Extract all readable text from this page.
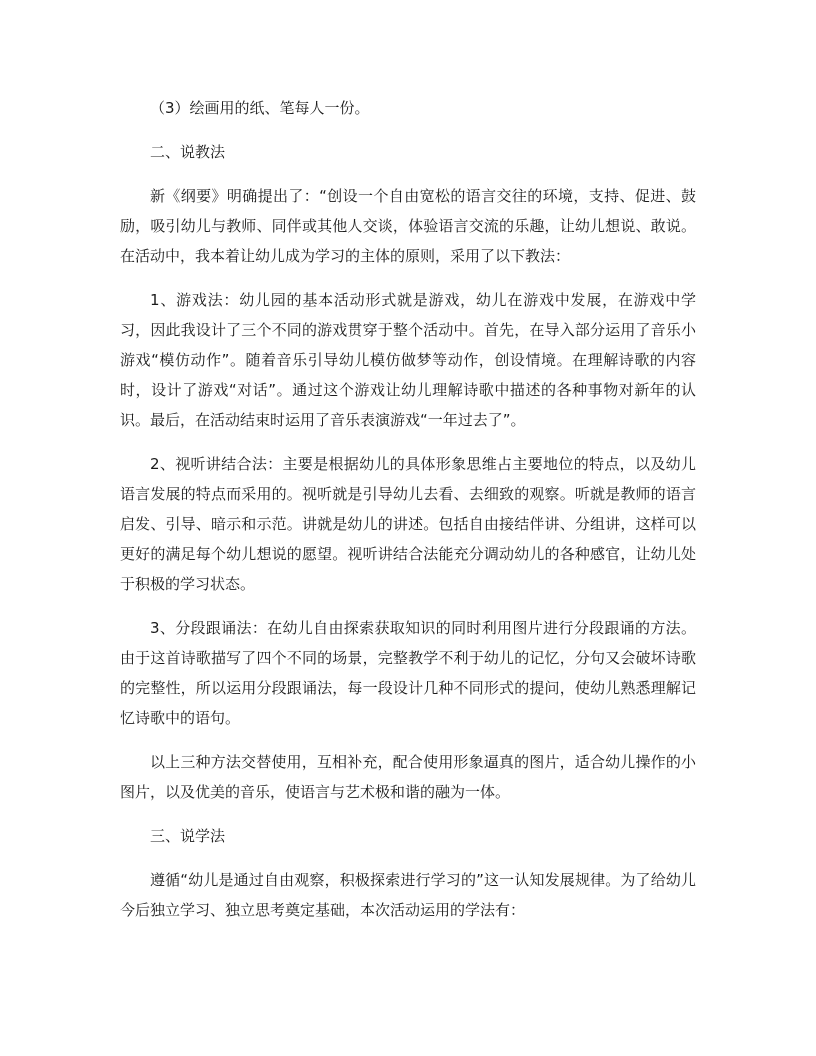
（3）绘画用的纸、笔每人一份。

二、说教法

新《纲要》明确提出了：“创设一个自由宽松的语言交往的环境，支持、促进、鼓励，吸引幼儿与教师、同伴或其他人交谈，体验语言交流的乐趣，让幼儿想说、敢说。在活动中，我本着让幼儿成为学习的主体的原则，采用了以下教法：

1、游戏法：幼儿园的基本活动形式就是游戏，幼儿在游戏中发展，在游戏中学习，因此我设计了三个不同的游戏贯穿于整个活动中。首先，在导入部分运用了音乐小游戏“模仿动作”。随着音乐引导幼儿模仿做梦等动作，创设情境。在理解诗歌的内容时，设计了游戏“对话”。通过这个游戏让幼儿理解诗歌中描述的各种事物对新年的认识。最后，在活动结束时运用了音乐表演游戏“一年过去了”。

2、视听讲结合法：主要是根据幼儿的具体形象思维占主要地位的特点，以及幼儿语言发展的特点而采用的。视听就是引导幼儿去看、去细致的观察。听就是教师的语言启发、引导、暗示和示范。讲就是幼儿的讲述。包括自由接结伴讲、分组讲，这样可以更好的满足每个幼儿想说的愿望。视听讲结合法能充分调动幼儿的各种感官，让幼儿处于积极的学习状态。

3、分段跟诵法：在幼儿自由探索获取知识的同时利用图片进行分段跟诵的方法。由于这首诗歌描写了四个不同的场景，完整教学不利于幼儿的记忆，分句又会破坏诗歌的完整性，所以运用分段跟诵法，每一段设计几种不同形式的提问，使幼儿熟悉理解记忆诗歌中的语句。

以上三种方法交替使用，互相补充，配合使用形象逼真的图片，适合幼儿操作的小图片，以及优美的音乐，使语言与艺术极和谐的融为一体。

三、说学法

遵循“幼儿是通过自由观察，积极探索进行学习的”这一认知发展规律。为了给幼儿今后独立学习、独立思考奠定基础，本次活动运用的学法有：
